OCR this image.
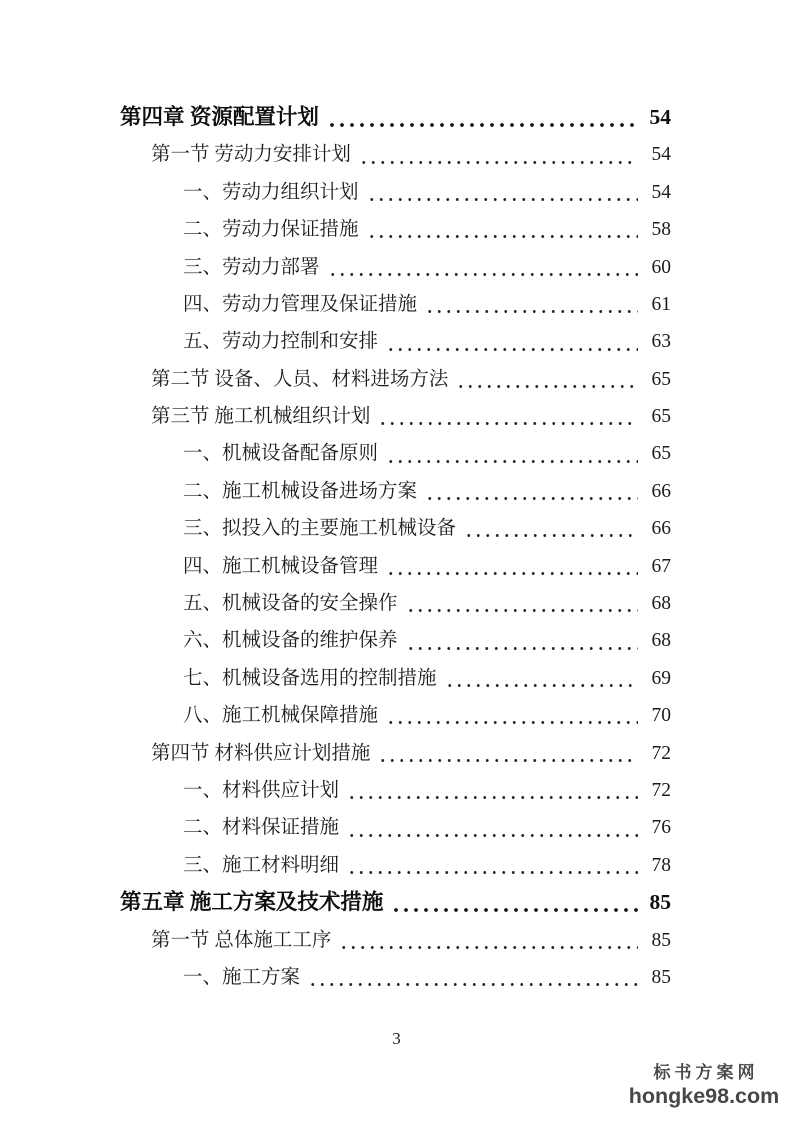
第四章 资源配置计划	54
第一节 劳动力安排计划	54
一、劳动力组织计划	54
二、劳动力保证措施	58
三、劳动力部署	60
四、劳动力管理及保证措施	61
五、劳动力控制和安排	63
第二节 设备、人员、材料进场方法	65
第三节 施工机械组织计划	65
一、机械设备配备原则	65
二、施工机械设备进场方案	66
三、拟投入的主要施工机械设备	66
四、施工机械设备管理	67
五、机械设备的安全操作	68
六、机械设备的维护保养	68
七、机械设备选用的控制措施	69
八、施工机械保障措施	70
第四节 材料供应计划措施	72
一、材料供应计划	72
二、材料保证措施	76
三、施工材料明细	78
第五章 施工方案及技术措施	85
第一节 总体施工工序	85
一、施工方案	85
3
标书方案网
hongke98.com
